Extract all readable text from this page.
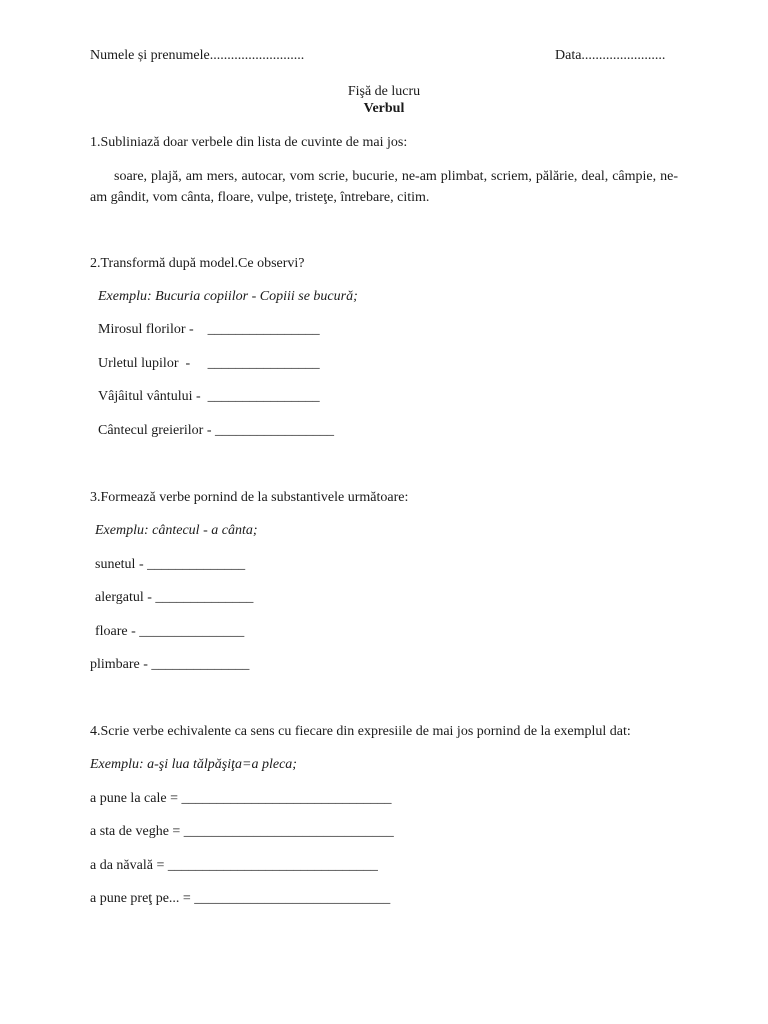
Numele și prenumele...........................	Data........................
Fişă de lucru
Verbul
1.Subliniază doar verbele din lista de cuvinte de mai jos:
soare, plajă, am mers, autocar, vom scrie, bucurie, ne-am plimbat, scriem, pălărie, deal, câmpie, ne-am gândit, vom cânta, floare, vulpe, tristeţe, întrebare, citim.
2.Transformă după model.Ce observi?
Exemplu: Bucuria copiilor - Copiii se bucură;
Mirosul florilor -    ________________
Urletul lupilor  -     ________________
Vâjâitul vântului -  ________________
Cântecul greierilor - _________________
3.Formează verbe pornind de la substantivele următoare:
Exemplu: cântecul - a cânta;
sunetul - ______________
alergatul - ______________
floare - _______________
plimbare - ______________
4.Scrie verbe echivalente ca sens cu fiecare din expresiile de mai jos pornind de la exemplul dat:
Exemplu: a-şi lua tălpăşiţa=a pleca;
a pune la cale = ______________________________
a sta de veghe = ______________________________
a da năvală = ______________________________
a pune preţ pe... = ____________________________
